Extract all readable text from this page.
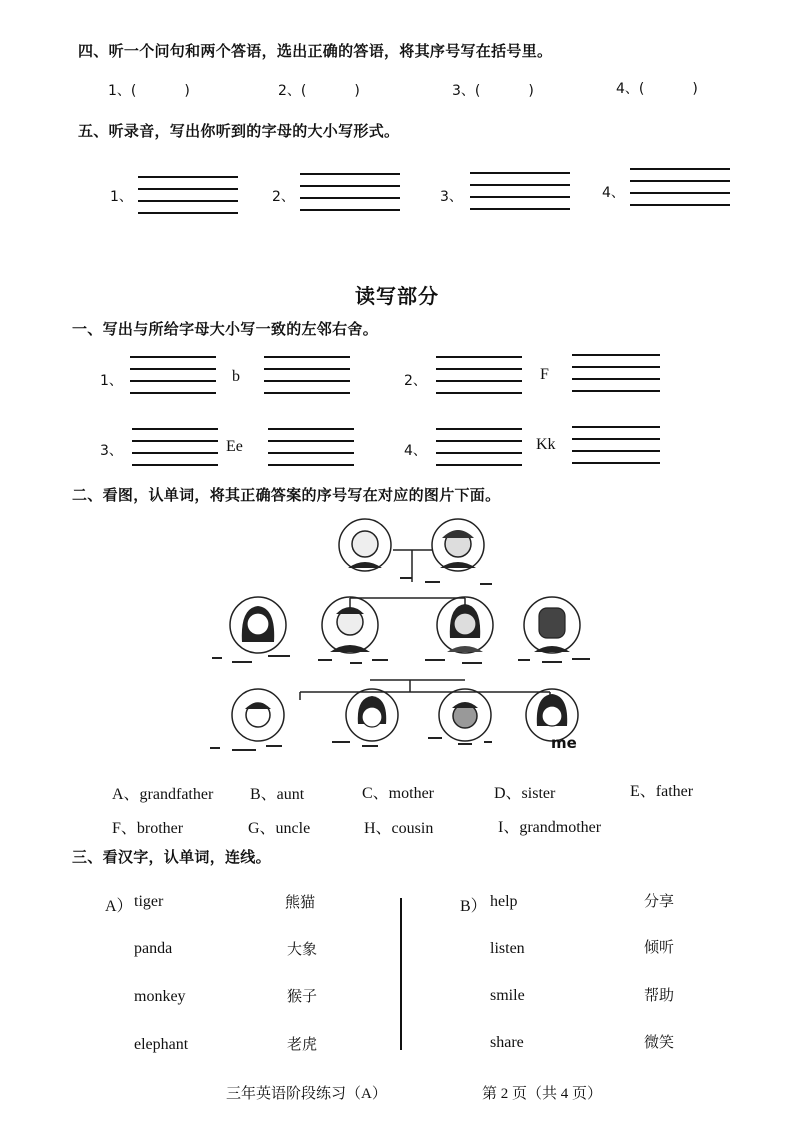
四、听一个问句和两个答语，选出正确的答语，将其序号写在括号里。
1、(	)	2、(	)	3、(	)	4、(	)
五、听录音，写出你听到的字母的大小写形式。
1、	2、	3、	4、
读写部分
一、写出与所给字母大小写一致的左邻右舍。
1、	b	2、	F
3、	Ee	4、	Kk
二、看图，认单词，将其正确答案的序号写在对应的图片下面。
me
A、grandfather B、aunt	C、mother	D、sister	E、father
F、brother	G、uncle	H、cousin	I、grandmother
三、看汉字，认单词，连线。
A） tiger
panda
monkey
elephant
熊猫
大象
猴子
老虎
B） help
listen
smile
share
分享
倾听
帮助
微笑
三年英语阶段练习（A）	第 2 页（共 4 页）
